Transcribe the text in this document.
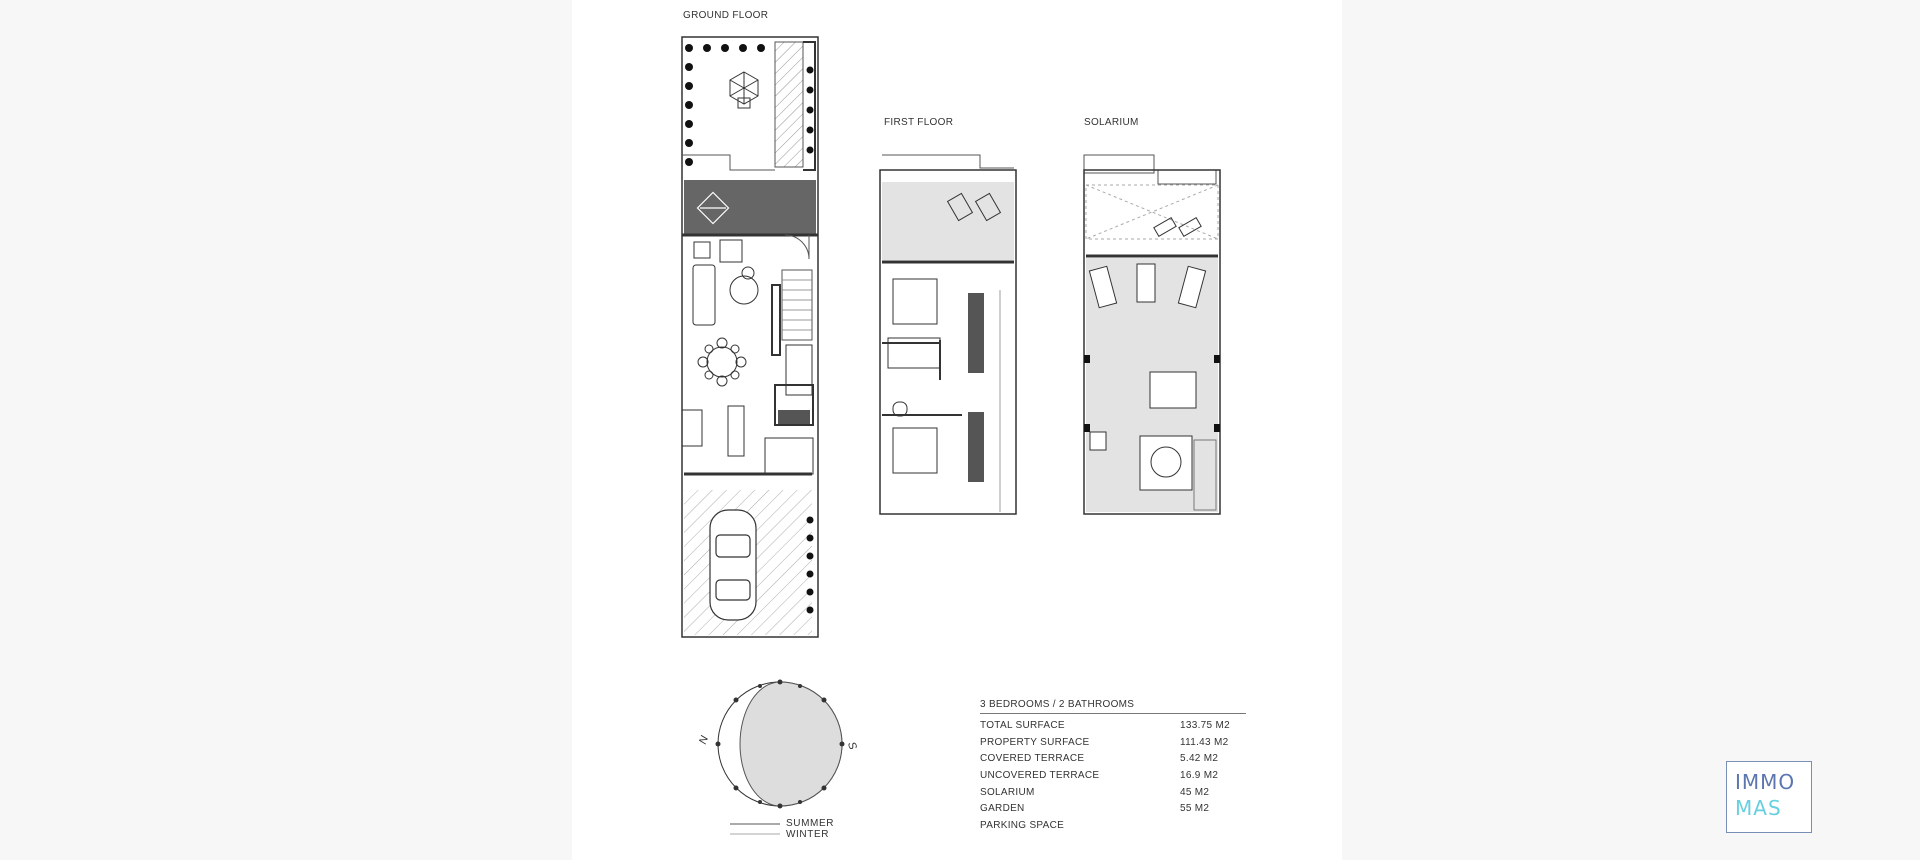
GROUND FLOOR
FIRST FLOOR	SOLARIUM
N
S
SUMMER
WINTER
3 BEDROOMS / 2 BATHROOMS
TOTAL SURFACE	133.75 M2
PROPERTY SURFACE	111.43 M2
COVERED TERRACE	5.42 M2
UNCOVERED TERRACE	16.9 M2
SOLARIUM	45 M2
GARDEN	55 M2
PARKING SPACE
IMMO
MAS
